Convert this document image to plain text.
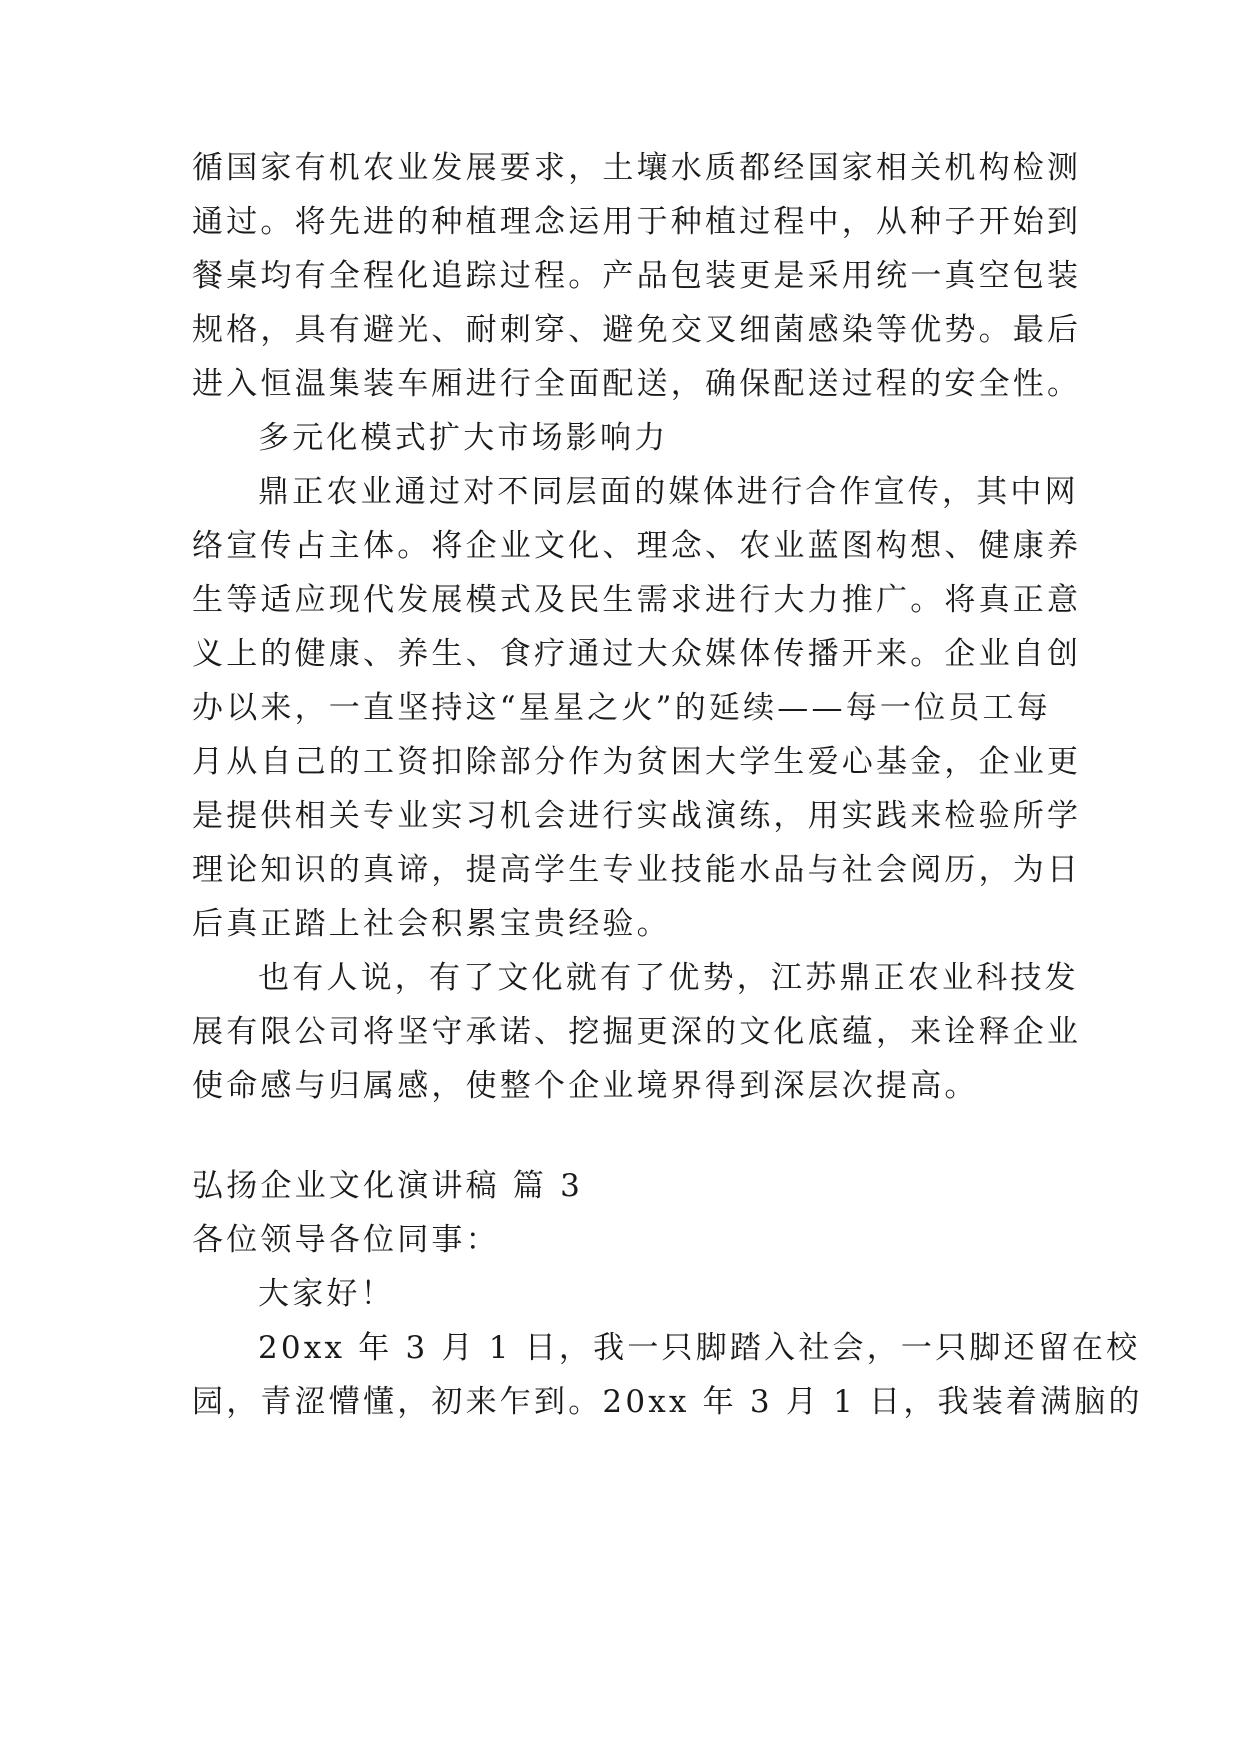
循国家有机农业发展要求，土壤水质都经国家相关机构检测
通过。将先进的种植理念运用于种植过程中，从种子开始到
餐桌均有全程化追踪过程。产品包装更是采用统一真空包装
规格，具有避光、耐刺穿、避免交叉细菌感染等优势。最后
进入恒温集装车厢进行全面配送，确保配送过程的安全性。
多元化模式扩大市场影响力
鼎正农业通过对不同层面的媒体进行合作宣传，其中网
络宣传占主体。将企业文化、理念、农业蓝图构想、健康养
生等适应现代发展模式及民生需求进行大力推广。将真正意
义上的健康、养生、食疗通过大众媒体传播开来。企业自创
办以来，一直坚持这“星星之火”的延续——每一位员工每
月从自己的工资扣除部分作为贫困大学生爱心基金，企业更
是提供相关专业实习机会进行实战演练，用实践来检验所学
理论知识的真谛，提高学生专业技能水品与社会阅历，为日
后真正踏上社会积累宝贵经验。
也有人说，有了文化就有了优势，江苏鼎正农业科技发
展有限公司将坚守承诺、挖掘更深的文化底蕴，来诠释企业
使命感与归属感，使整个企业境界得到深层次提高。
弘扬企业文化演讲稿 篇 3
各位领导各位同事：
大家好！
20xx 年 3 月 1 日，我一只脚踏入社会，一只脚还留在校
园，青涩懵懂，初来乍到。20xx 年 3 月 1 日，我装着满脑的
